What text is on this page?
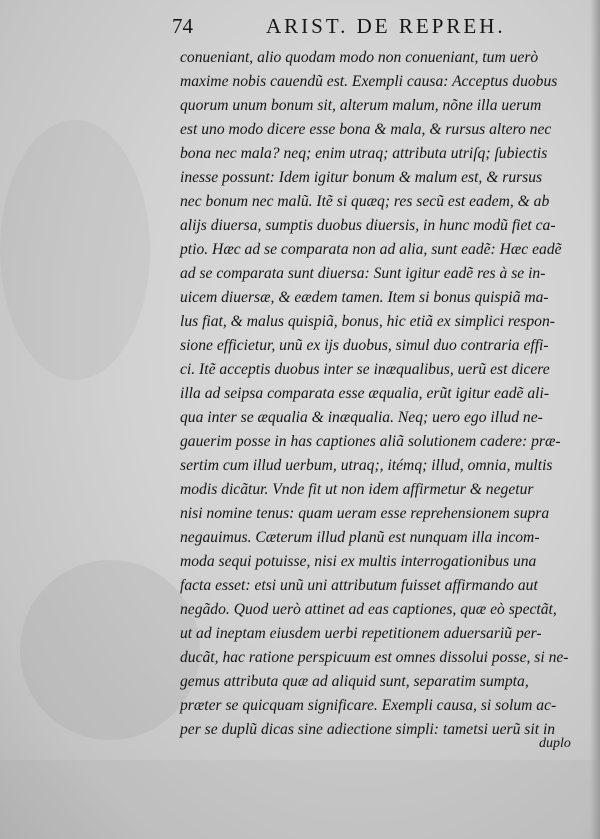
74	ARIST. DE REPREH.
conueniant, alio quodam modo non conueniant, tum uerò
maxime nobis cauendũ est. Exempli causa: Acceptus duobus
quorum unum bonum sit, alterum malum, nõne illa uerum
est uno modo dicere esse bona & mala, & rursus altero nec
bona nec mala? neq; enim utraq; attributa utriſq; ſubiectis
inesse possunt: Idem igitur bonum & malum est, & rursus
nec bonum nec malũ. Itẽ si quæq; res secũ est eadem, & ab
alijs diuersa, sumptis duobus diuersis, in hunc modũ fiet ca-
ptio. Hæc ad se comparata non ad alia, sunt eadẽ: Hæc eadẽ
ad se comparata sunt diuersa: Sunt igitur eadẽ res à se in-
uicem diuersæ, & eædem tamen. Item si bonus quispiã ma-
lus fiat, & malus quispiã, bonus, hic etiã ex simplici respon-
sione efficietur, unũ ex ijs duobus, simul duo contraria effi-
ci. Itẽ acceptis duobus inter se inæqualibus, uerũ est dicere
illa ad seipsa comparata esse æqualia, erũt igitur eadẽ ali-
qua inter se æqualia & inæqualia. Neq; uero ego illud ne-
gauerim posse in has captiones aliã solutionem cadere: præ-
sertim cum illud uerbum, utraq;, itémq; illud, omnia, multis
modis dicãtur. Vnde fit ut non idem affirmetur & negetur
nisi nomine tenus: quam ueram esse reprehensionem supra
negauimus. Cæterum illud planũ est nunquam illa incom-
moda sequi potuisse, nisi ex multis interrogationibus una
facta esset: etsi unũ uni attributum fuisset affirmando aut
negãdo. Quod uerò attinet ad eas captiones, quæ eò spectãt,
ut ad ineptam eiusdem uerbi repetitionem aduersariũ per-
ducãt, hac ratione perspicuum est omnes dissolui posse, si ne-
gemus attributa quæ ad aliquid sunt, separatim sumpta,
præter se quicquam significare. Exempli causa, si solum ac-
per se duplũ dicas sine adiectione simpli: tametsi uerũ sit in
duplo
